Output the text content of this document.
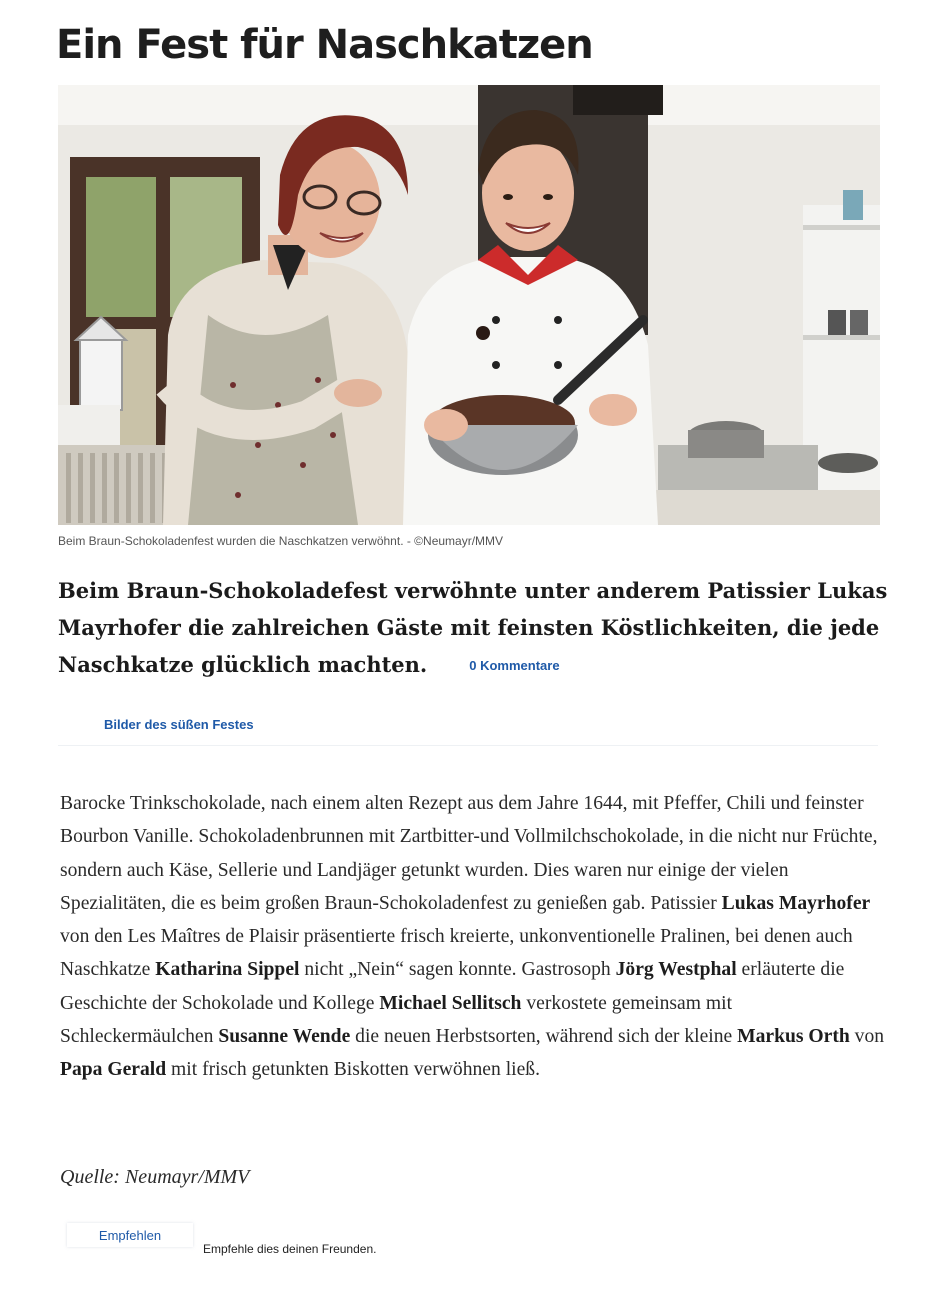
Ein Fest für Naschkatzen
Beim Braun-Schokoladenfest wurden die Naschkatzen verwöhnt. - ©Neumayr/MMV

Beim Braun-Schokoladefest verwöhnte unter anderem Patissier Lukas Mayrhofer die zahlreichen Gäste mit feinsten Köstlichkeiten, die jede Naschkatze glücklich machten.	0 Kommentare

Bilder des süßen Festes

Barocke Trinkschokolade, nach einem alten Rezept aus dem Jahre 1644, mit Pfeffer, Chili und feinster Bourbon Vanille. Schokoladenbrunnen mit Zartbitter-und Vollmilchschokolade, in die nicht nur Früchte, sondern auch Käse, Sellerie und Landjäger getunkt wurden. Dies waren nur einige der vielen Spezialitäten, die es beim großen Braun-Schokoladenfest zu genießen gab. Patissier Lukas Mayrhofer von den Les Maîtres de Plaisir präsentierte frisch kreierte, unkonventionelle Pralinen, bei denen auch Naschkatze Katharina Sippel nicht „Nein“ sagen konnte. Gastrosoph Jörg Westphal erläuterte die Geschichte der Schokolade und Kollege Michael Sellitsch verkostete gemeinsam mit Schleckermäulchen Susanne Wende die neuen Herbstsorten, während sich der kleine Markus Orth von Papa Gerald mit frisch getunkten Biskotten verwöhnen ließ.

Quelle: Neumayr/MMV

Empfehlen
Empfehle dies deinen Freunden.
